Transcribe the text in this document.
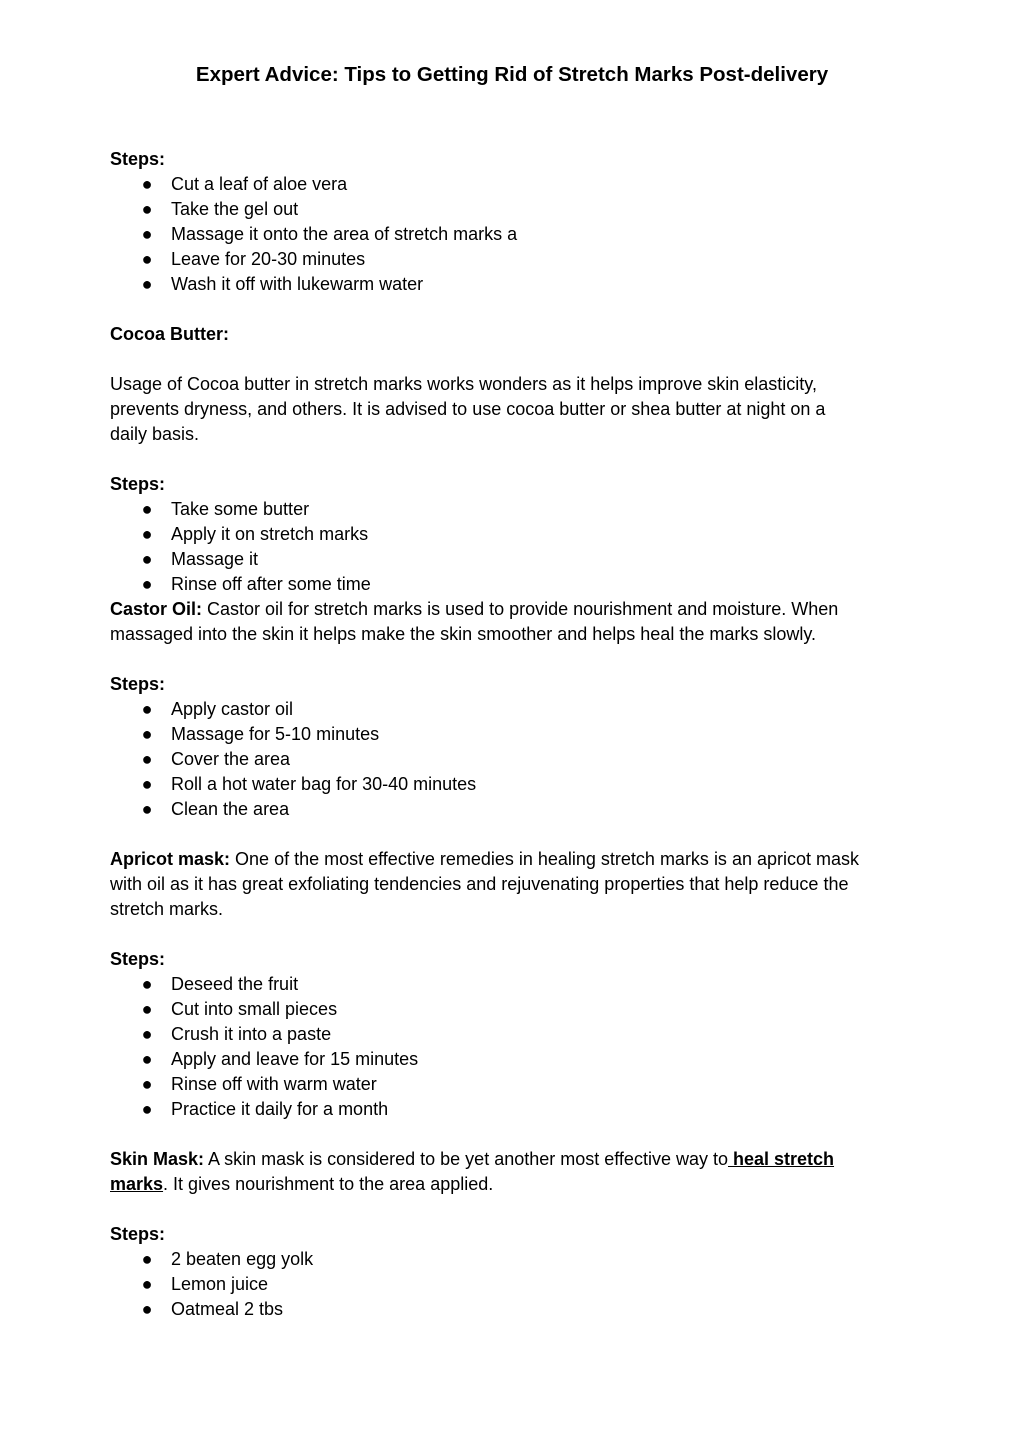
Expert Advice: Tips to Getting Rid of Stretch Marks Post-delivery
Steps:
● Cut a leaf of aloe vera
● Take the gel out
● Massage it onto the area of stretch marks a
● Leave for 20-30 minutes
● Wash it off with lukewarm water
Cocoa Butter:
Usage of Cocoa butter in stretch marks works wonders as it helps improve skin elasticity,
prevents dryness, and others. It is advised to use cocoa butter or shea butter at night on a
daily basis.
Steps:
● Take some butter
● Apply it on stretch marks
● Massage it
● Rinse off after some time
Castor Oil: Castor oil for stretch marks is used to provide nourishment and moisture. When
massaged into the skin it helps make the skin smoother and helps heal the marks slowly.
Steps:
● Apply castor oil
● Massage for 5-10 minutes
● Cover the area
● Roll a hot water bag for 30-40 minutes
● Clean the area
Apricot mask: One of the most effective remedies in healing stretch marks is an apricot mask
with oil as it has great exfoliating tendencies and rejuvenating properties that help reduce the
stretch marks.
Steps:
● Deseed the fruit
● Cut into small pieces
● Crush it into a paste
● Apply and leave for 15 minutes
● Rinse off with warm water
● Practice it daily for a month
Skin Mask: A skin mask is considered to be yet another most effective way to heal stretch
marks. It gives nourishment to the area applied.
Steps:
● 2 beaten egg yolk
● Lemon juice
● Oatmeal 2 tbs
